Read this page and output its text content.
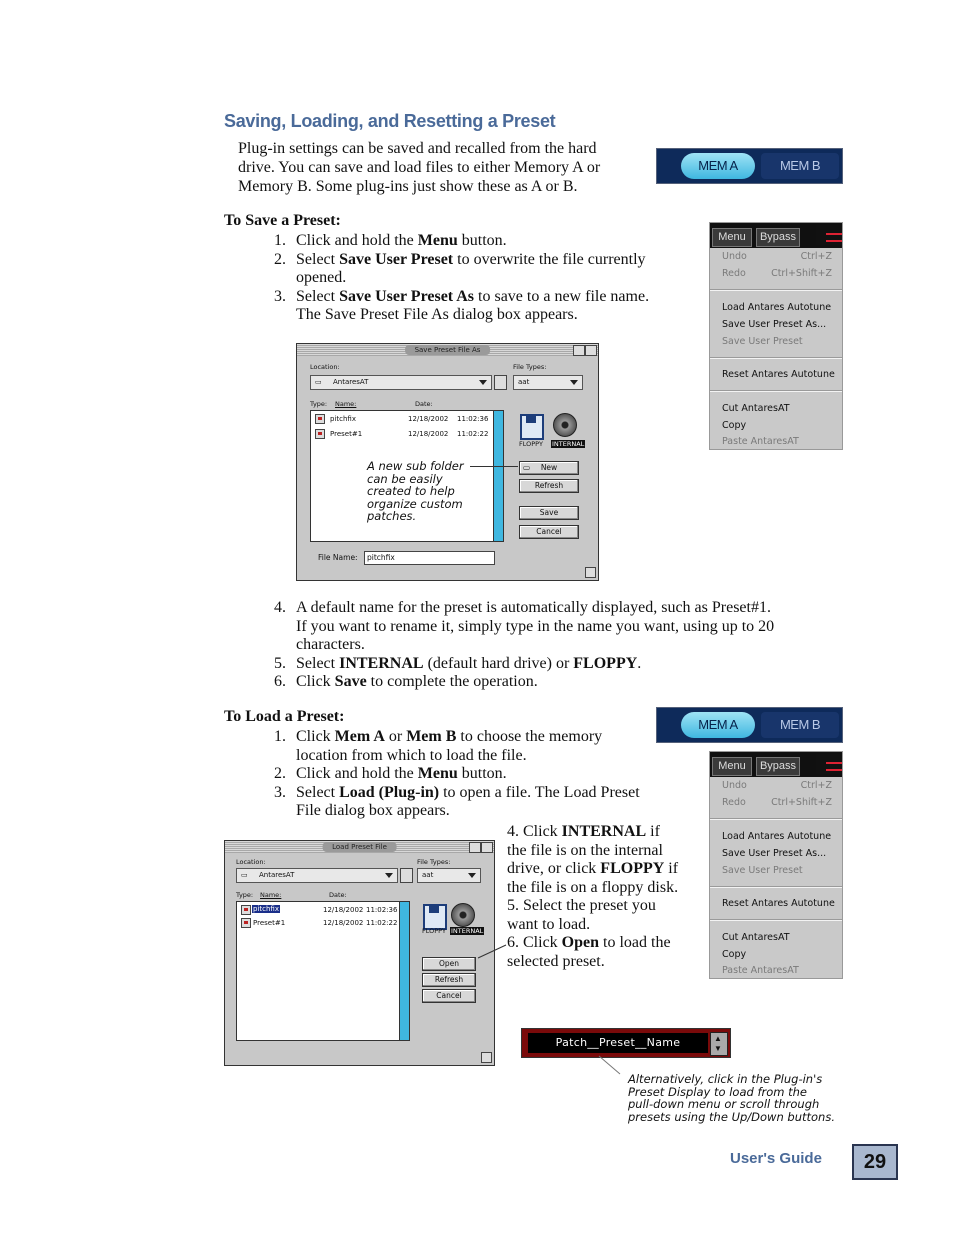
Saving, Loading, and Resetting a Preset
Plug-in settings can be saved and recalled from the hard
drive. You can save and load files to either Memory A or
Memory B. Some plug-ins just show these as A or B.
MEM A	MEM B
To Save a Preset:
1. Click and hold the Menu button.
2. Select Save User Preset to overwrite the file currently
opened.
3. Select Save User Preset As to save to a new file name.
The Save Preset File As dialog box appears.
Menu	Bypass
Undo	Ctrl+Z
Redo	Ctrl+Shift+Z
Load Antares Autotune
Save User Preset As...
Save User Preset
Reset Antares Autotune
Cut AntaresAT
Copy
Paste AntaresAT
Save Preset File As
Location:
▭ AntaresAT
File Types:
aat
Type: Name:	Date:
pitchfix	12/18/2002 11:02:36
Preset#1	12/18/2002 11:02:22
FLOPPY INTERNAL
▭ New
Refresh
Save
Cancel
File Name:	pitchfix
A new sub folder
can be easily
created to help
organize custom
patches.
4. A default name for the preset is automatically displayed, such as Preset#1.
If you want to rename it, simply type in the name you want, using up to 20
characters.
5. Select INTERNAL (default hard drive) or FLOPPY.
6. Click Save to complete the operation.
To Load a Preset:	MEM A	MEM B
1. Click Mem A or Mem B to choose the memory
location from which to load the file.
2. Click and hold the Menu button.
3. Select Load (Plug-in) to open a file. The Load Preset
File dialog box appears.
Menu	Bypass
Undo	Ctrl+Z
Redo	Ctrl+Shift+Z
Load Antares Autotune
Save User Preset As...
Save User Preset
Reset Antares Autotune
Cut AntaresAT
Copy
Paste AntaresAT
4. Click INTERNAL if
the file is on the internal
drive, or click FLOPPY if
the file is on a floppy disk.
5. Select the preset you
want to load.
6. Click Open to load the
selected preset.
Load Preset File
Location:
▭ AntaresAT
File Types:
aat
Type: Name:	Date:
pitchfix	12/18/2002 11:02:36
Preset#1	12/18/2002 11:02:22
FLOPPY INTERNAL
Open
Refresh
Cancel
Patch__Preset__Name	▲
▼
Alternatively, click in the Plug-in's
Preset Display to load from the
pull-down menu or scroll through
presets using the Up/Down buttons.
User's Guide	29
